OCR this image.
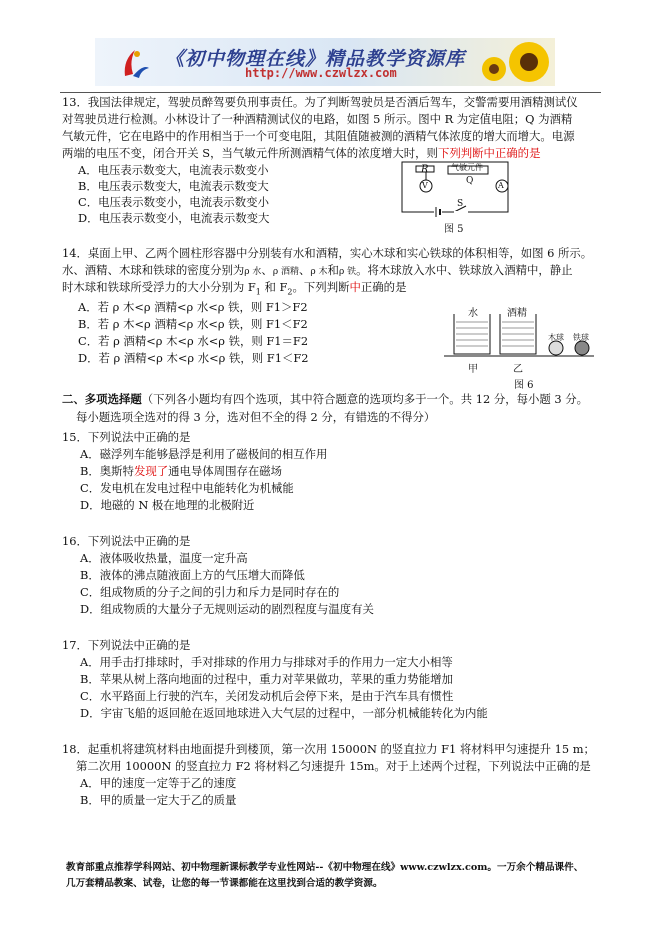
《初中物理在线》精品教学资源库
http://www.czwlzx.com
13．我国法律规定，驾驶员醉驾要负刑事责任。为了判断驾驶员是否酒后驾车，交警需要用酒精测试仪
对驾驶员进行检测。小林设计了一种酒精测试仪的电路，如图 5 所示。图中 R 为定值电阻；Q 为酒精
气敏元件，它在电路中的作用相当于一个可变电阻，其阻值随被测的酒精气体浓度的增大而增大。电源
两端的电压不变，闭合开关 S，当气敏元件所测酒精气体的浓度增大时，则下列判断中正确的是
A．电压表示数变大，电流表示数变小
B．电压表示数变大，电流表示数变大
C．电压表示数变小，电流表示数变小
D．电压表示数变小，电流表示数变大
R
V
气敏元件
Q	A
S
图 5
14．桌面上甲、乙两个圆柱形容器中分别装有水和酒精，实心木球和实心铁球的体积相等，如图 6 所示。
水、酒精、木球和铁球的密度分别为ρ 水、ρ 酒精、ρ 木和ρ 铁。将木球放入水中、铁球放入酒精中，静止
时木球和铁球所受浮力的大小分别为 $F_1$ 和 $F_2$。下列判断中正确的是
A．若 ρ 木<ρ 酒精<ρ 水<ρ 铁，则 F1＞F2
B．若 ρ 木<ρ 酒精<ρ 水<ρ 铁，则 F1＜F2
C．若 ρ 酒精<ρ 木<ρ 水<ρ 铁，则 F1＝F2
D．若 ρ 酒精<ρ 木<ρ 水<ρ 铁，则 F1＜F2
水	酒精
木球 铁球
甲	乙
图 6
二、多项选择题（下列各小题均有四个选项，其中符合题意的选项均多于一个。共 12 分，每小题 3 分。
每小题选项全选对的得 3 分，选对但不全的得 2 分，有错选的不得分）
15．下列说法中正确的是
A．磁浮列车能够悬浮是利用了磁极间的相互作用
B．奥斯特发现了通电导体周围存在磁场
C．发电机在发电过程中电能转化为机械能
D．地磁的 N 极在地理的北极附近
16．下列说法中正确的是
A．液体吸收热量，温度一定升高
B．液体的沸点随液面上方的气压增大而降低
C．组成物质的分子之间的引力和斥力是同时存在的
D．组成物质的大量分子无规则运动的剧烈程度与温度有关
17．下列说法中正确的是
A．用手击打排球时，手对排球的作用力与排球对手的作用力一定大小相等
B．苹果从树上落向地面的过程中，重力对苹果做功，苹果的重力势能增加
C．水平路面上行驶的汽车，关闭发动机后会停下来，是由于汽车具有惯性
D．宇宙飞船的返回舱在返回地球进入大气层的过程中，一部分机械能转化为内能
18．起重机将建筑材料由地面提升到楼顶，第一次用 15000N 的竖直拉力 F1 将材料甲匀速提升 15 m；
第二次用 10000N 的竖直拉力 F2 将材料乙匀速提升 15m。对于上述两个过程，下列说法中正确的是
A．甲的速度一定等于乙的速度
B．甲的质量一定大于乙的质量
教育部重点推荐学科网站、初中物理新课标教学专业性网站--《初中物理在线》www.czwlzx.com。一万余个精品课件、
几万套精品教案、试卷，让您的每一节课都能在这里找到合适的教学资源。
